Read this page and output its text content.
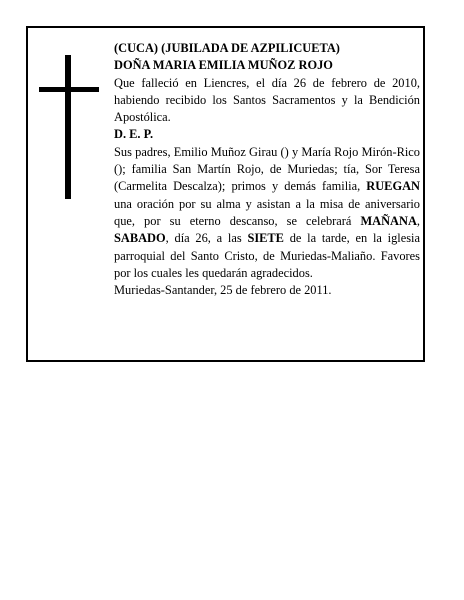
(CUCA) (JUBILADA DE AZPILICUETA)

DOÑA MARIA EMILIA MUÑOZ ROJO

Que falleció en Liencres, el día 26 de febrero de 2010, habiendo recibido los Santos Sacramentos y la Bendición Apostólica.

D. E. P.

Sus padres, Emilio Muñoz Girau () y María Rojo Mirón-Rico (); familia San Martín Rojo, de Muriedas; tía, Sor Teresa (Carmelita Descalza); primos y demás familia, RUEGAN una oración por su alma y asistan a la misa de aniversario que, por su eterno descanso, se celebrará MAÑANA, SABADO, día 26, a las SIETE de la tarde, en la iglesia parroquial del Santo Cristo, de Muriedas-Maliaño. Favores por los cuales les quedarán agradecidos.

Muriedas-Santander, 25 de febrero de 2011.
